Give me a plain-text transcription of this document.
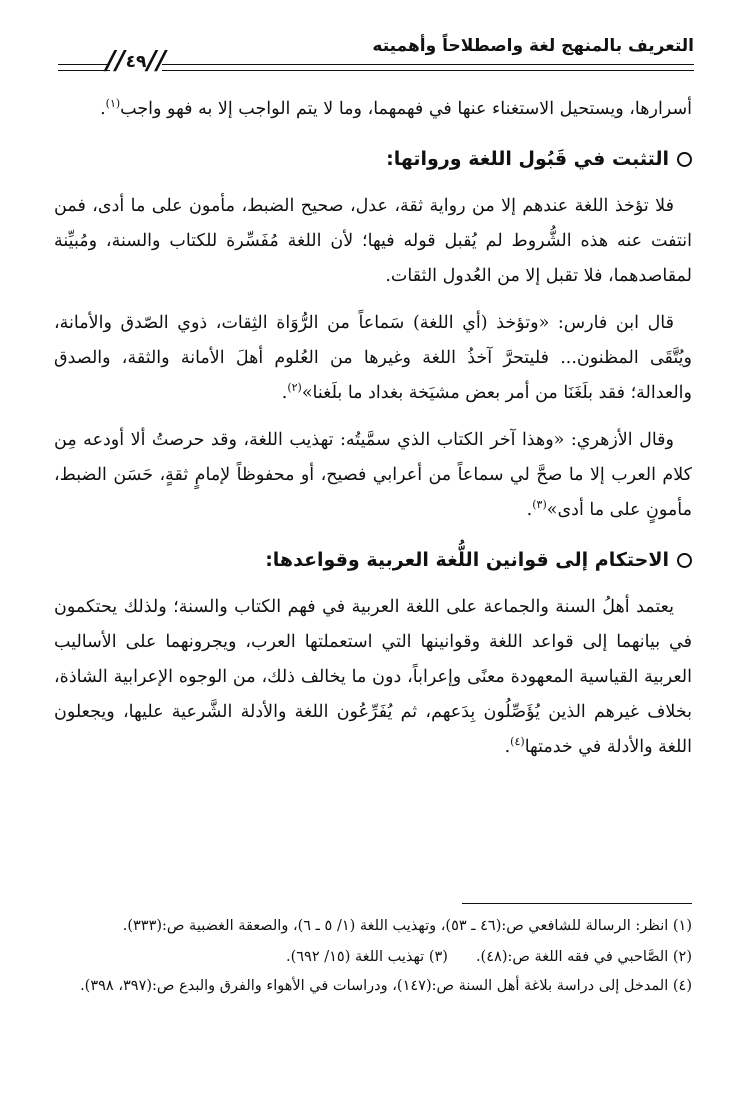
التعريف بالمنهج لغة واصطلاحاً وأهميته
//
٤٩
//

أسرارها، ويستحيل الاستغناء عنها في فهمهما، وما لا يتم الواجب إلا به فهو واجب$^{(١)}$.

التثبت في قَبُول اللغة ورواتها:

فلا تؤخذ اللغة عندهم إلا من رواية ثقة، عدل، صحيح الضبط، مأمون على ما أدى، فمن انتفت عنه هذه الشُّروط لم يُقبل قوله فيها؛ لأن اللغة مُفَسِّرة للكتاب والسنة، ومُبيِّنة لمقاصدهما، فلا تقبل إلا من العُدول الثقات.

قال ابن فارس: «وتؤخذ (أي اللغة) سَماعاً من الرُّوَاة الثِقات، ذوي الصّدق والأمانة، ويُتَّقَى المظنون... فليتحرَّ آخذُ اللغة وغيرها من العُلوم أهلَ الأمانة والثقة، والصدق والعدالة؛ فقد بلَغَنَا من أمر بعض مشيَخة بغداد ما بلَغنا»$^{(٢)}$.

وقال الأزهري: «وهذا آخر الكتاب الذي سمَّيتُه: تهذيب اللغة، وقد حرصتُ ألا أودعه مِن كلام العرب إلا ما صحَّ لي سماعاً من أعرابي فصيح، أو محفوظاً لإمامٍ ثقةٍ، حَسَن الضبط، مأمونٍ على ما أدى»$^{(٣)}$.

الاحتكام إلى قوانين اللُّغة العربية وقواعدها:

يعتمد أهلُ السنة والجماعة على اللغة العربية في فهم الكتاب والسنة؛ ولذلك يحتكمون في بيانهما إلى قواعد اللغة وقوانينها التي استعملتها العرب، ويجرونهما على الأساليب العربية القياسية المعهودة معنًى وإعراباً، دون ما يخالف ذلك، من الوجوه الإعرابية الشاذة، بخلاف غيرهم الذين يُؤَصِّلُون بِدَعهم، ثم يُفَرِّعُون اللغة والأدلة الشَّرعية عليها، ويجعلون اللغة والأدلة في خدمتها$^{(٤)}$.

(١) انظر: الرسالة للشافعي ص:(٤٦ ـ ٥٣)، وتهذيب اللغة (١/ ٥ ـ ٦)، والصعقة الغضبية ص:(٣٣٣).
(٢) الصَّاحبي في فقه اللغة ص:(٤٨).
(٣) تهذيب اللغة (١٥/ ٦٩٢).
(٤) المدخل إلى دراسة بلاغة أهل السنة ص:(١٤٧)، ودراسات في الأهواء والفرق والبدع ص:(٣٩٧، ٣٩٨).
